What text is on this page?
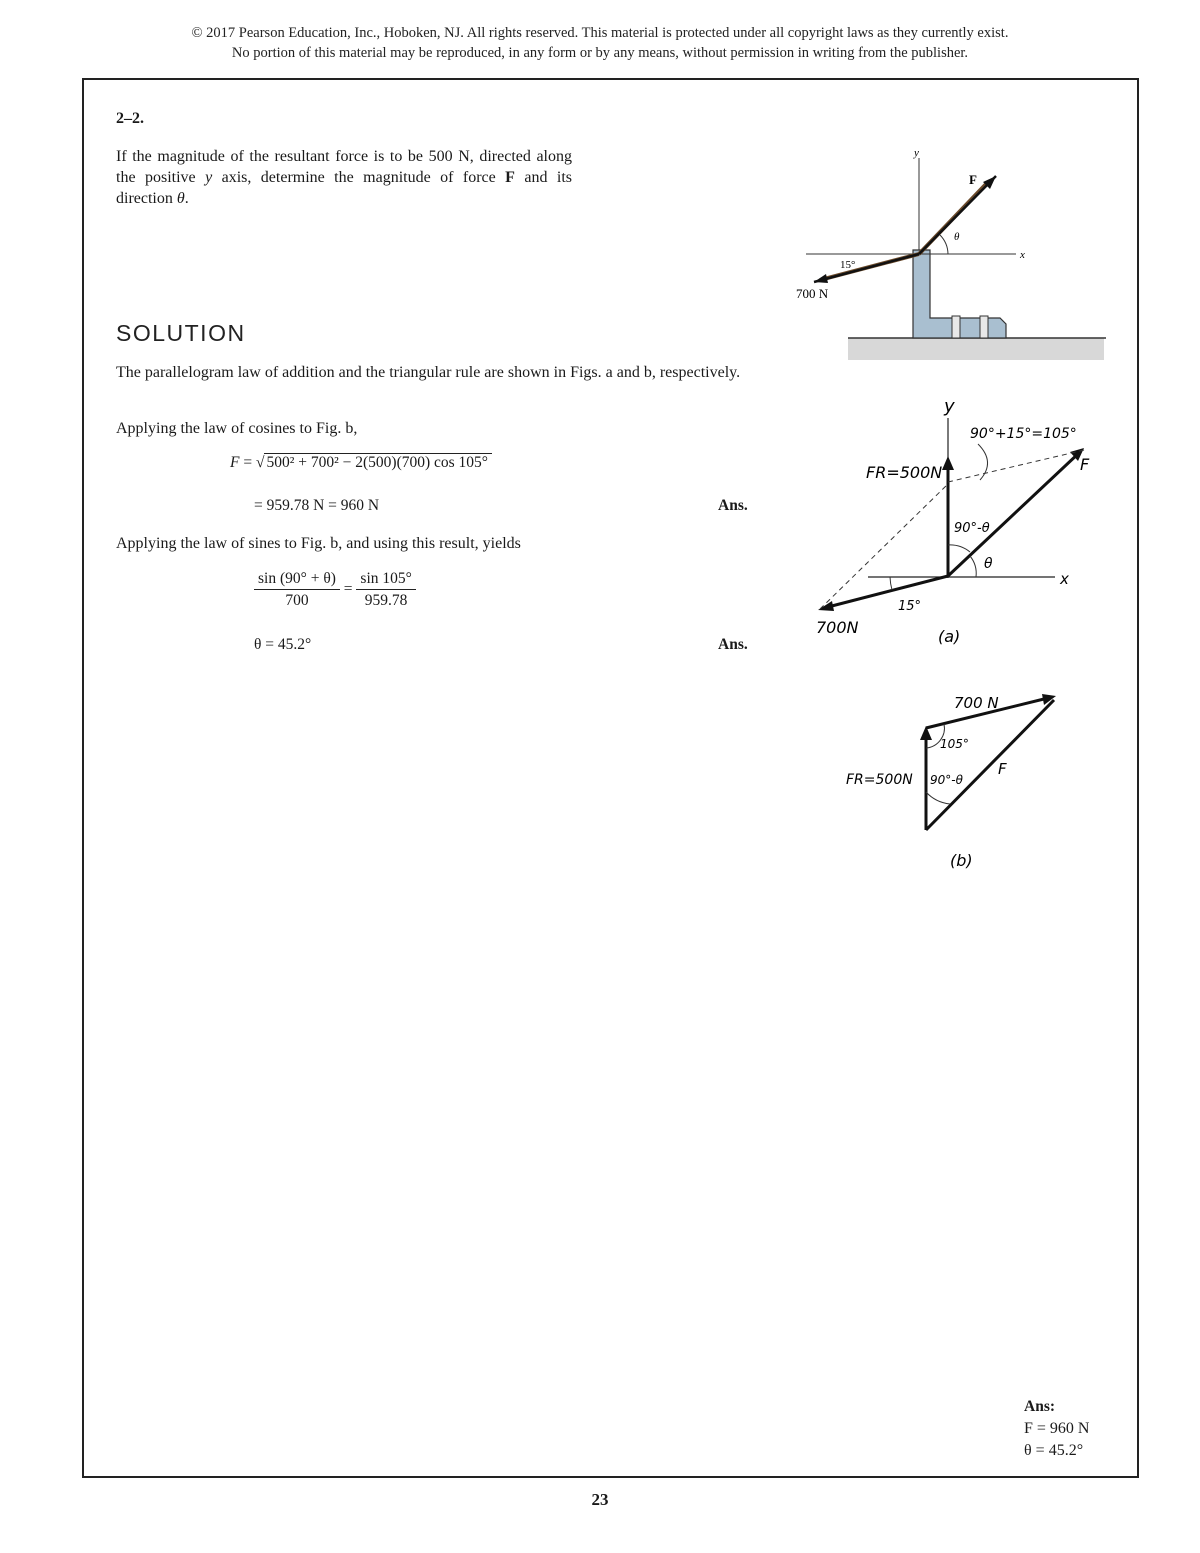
© 2017 Pearson Education, Inc., Hoboken, NJ. All rights reserved. This material is protected under all copyright laws as they currently exist.
No portion of this material may be reproduced, in any form or by any means, without permission in writing from the publisher.
2–2.
If the magnitude of the resultant force is to be 500 N, directed along the positive y axis, determine the magnitude of force F and its direction θ.
y
x
F
θ
15°
700 N
SOLUTION
The parallelogram law of addition and the triangular rule are shown in Figs. a and b, respectively.
Applying the law of cosines to Fig. b,
F = √ 500² + 700² − 2(500)(700) cos 105°
= 959.78 N = 960 N	Ans.
Applying the law of sines to Fig. b, and using this result, yields
$\frac{\sin (90^\circ + \theta)}{700} = \frac{\sin 105^\circ}{959.78}$
θ = 45.2°	Ans.
y
x
90°+15°=105°
FR=500N	F
90°-θ
θ
15°
700N	(a)
700 N
105°
FR=500N 90°-θ
F
(b)
Ans:
F = 960 N
θ = 45.2°
23
